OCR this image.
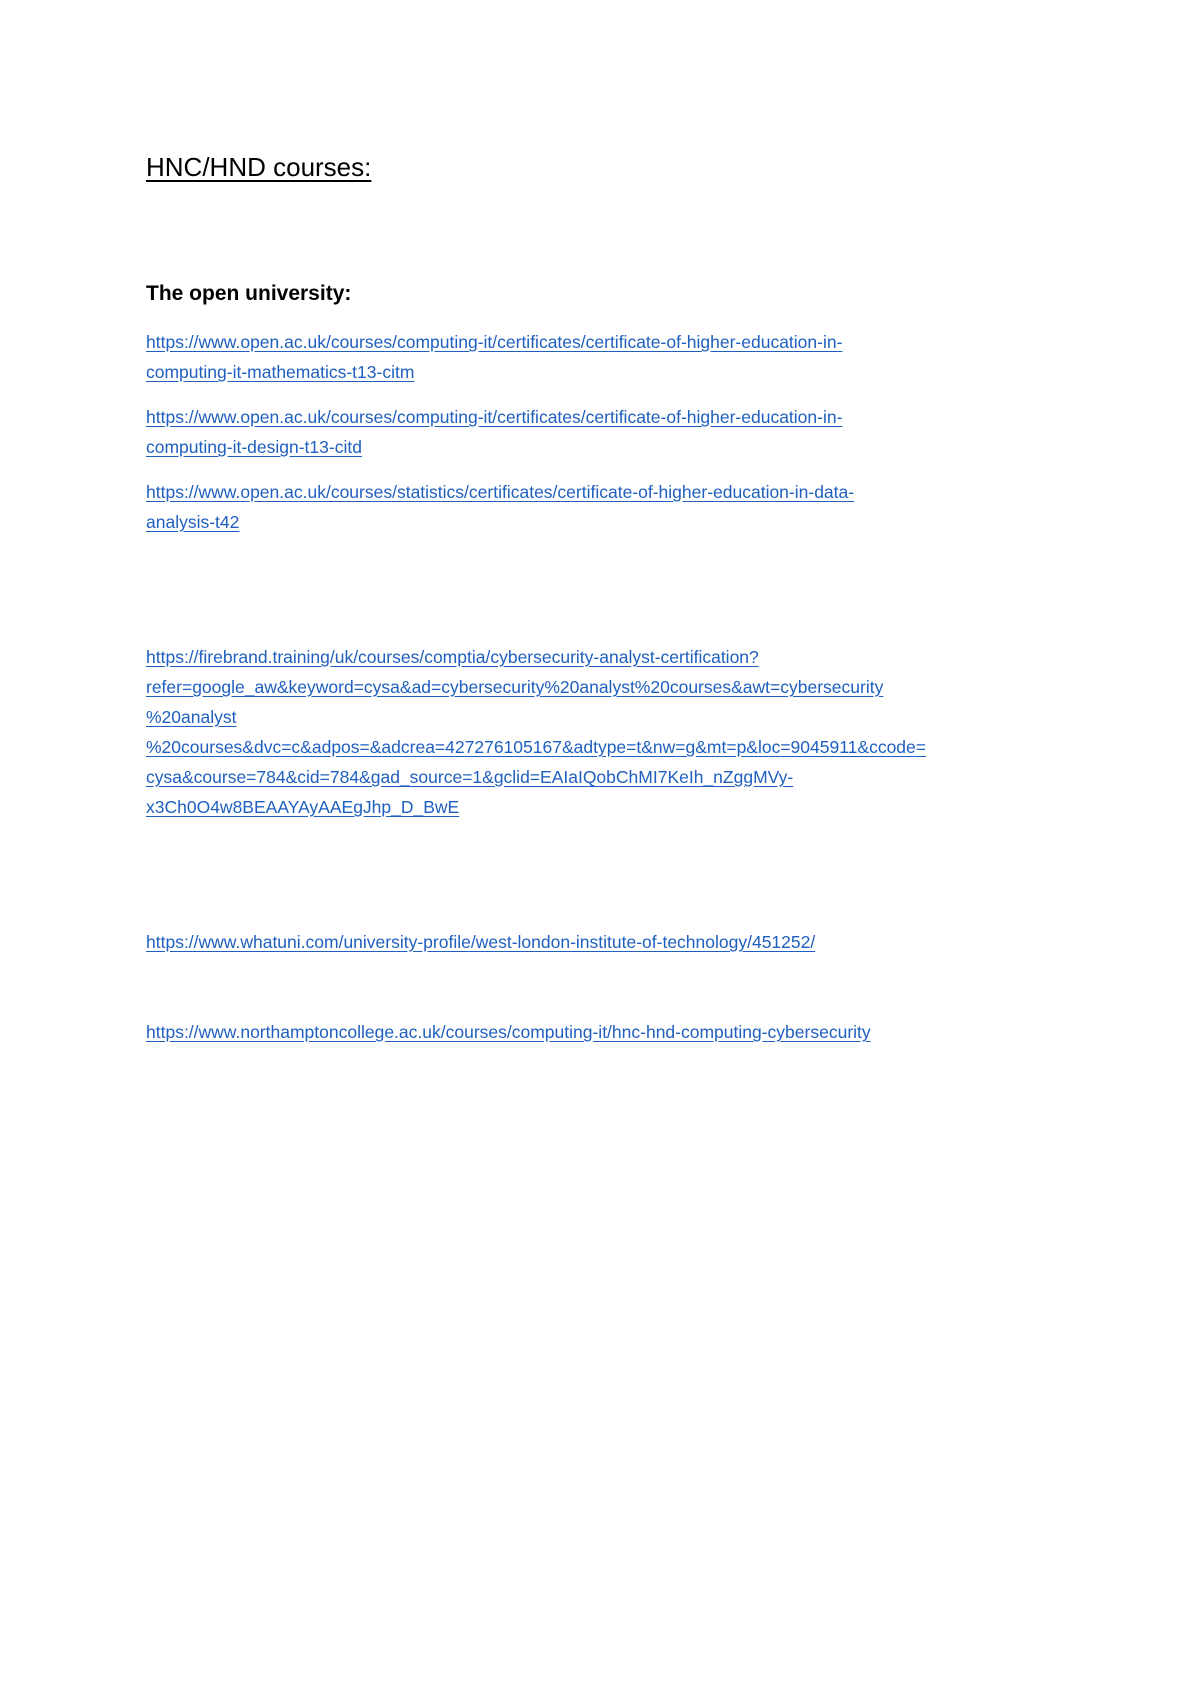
HNC/HND courses:
The open university:
https://www.open.ac.uk/courses/computing-it/certificates/certificate-of-higher-education-in-
computing-it-mathematics-t13-citm
https://www.open.ac.uk/courses/computing-it/certificates/certificate-of-higher-education-in-
computing-it-design-t13-citd
https://www.open.ac.uk/courses/statistics/certificates/certificate-of-higher-education-in-data-
analysis-t42
https://firebrand.training/uk/courses/comptia/cybersecurity-analyst-certification?
refer=google_aw&keyword=cysa&ad=cybersecurity%20analyst%20courses&awt=cybersecurity
%20analyst
%20courses&dvc=c&adpos=&adcrea=427276105167&adtype=t&nw=g&mt=p&loc=9045911&ccode=
cysa&course=784&cid=784&gad_source=1&gclid=EAIaIQobChMI7KeIh_nZggMVy-
x3Ch0O4w8BEAAYAyAAEgJhp_D_BwE
https://www.whatuni.com/university-profile/west-london-institute-of-technology/451252/
https://www.northamptoncollege.ac.uk/courses/computing-it/hnc-hnd-computing-cybersecurity
